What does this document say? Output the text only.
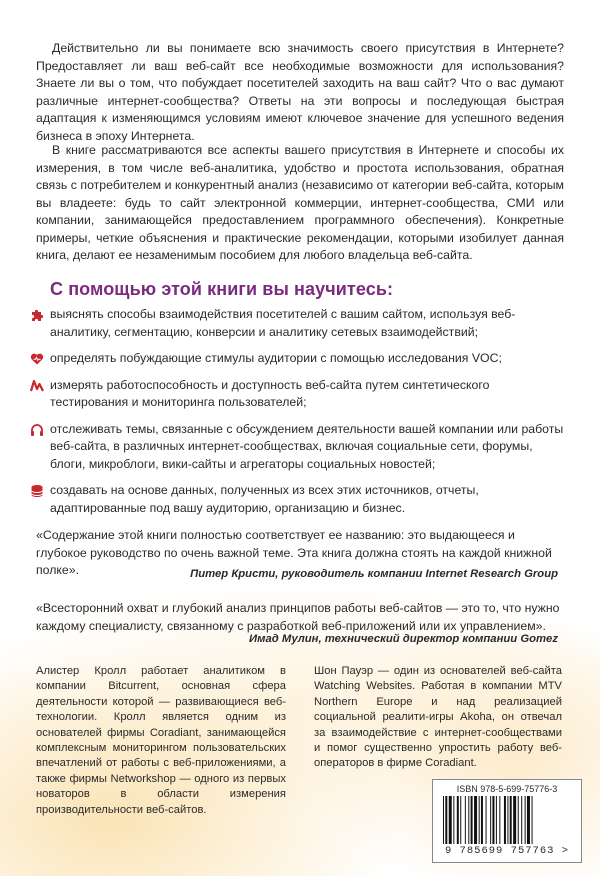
Действительно ли вы понимаете всю значимость своего присутствия в Интернете? Предоставляет ли ваш веб-сайт все необходимые возможности для использования? Знаете ли вы о том, что побуждает посетителей заходить на ваш сайт? Что о вас думают различные интернет-сообщества? Ответы на эти вопросы и последующая быстрая адаптация к изменяющимся условиям имеют ключевое значение для успешного ведения бизнеса в эпоху Интернета.

В книге рассматриваются все аспекты вашего присутствия в Интернете и способы их измерения, в том числе веб-аналитика, удобство и простота использования, обратная связь с потребителем и конкурентный анализ (независимо от категории веб-сайта, которым вы владеете: будь то сайт электронной коммерции, интернет-сообщества, СМИ или компании, занимающейся предоставлением программного обеспечения). Конкретные примеры, четкие объяснения и практические рекомендации, которыми изобилует данная книга, делают ее незаменимым пособием для любого владельца веб-сайта.

С помощью этой книги вы научитесь:
выяснять способы взаимодействия посетителей с вашим сайтом, используя веб-аналитику, сегментацию, конверсии и аналитику сетевых взаимодействий;
определять побуждающие стимулы аудитории с помощью исследования VOC;
измерять работоспособность и доступность веб-сайта путем синтетического тестирования и мониторинга пользователей;
отслеживать темы, связанные с обсуждением деятельности вашей компании или работы веб-сайта, в различных интернет-сообществах, включая социальные сети, форумы, блоги, микроблоги, вики-сайты и агрегаторы социальных новостей;
создавать на основе данных, полученных из всех этих источников, отчеты, адаптированные под вашу аудиторию, организацию и бизнес.

«Содержание этой книги полностью соответствует ее названию: это выдающееся и глубокое руководство по очень важной теме. Эта книга должна стоять на каждой книжной полке».	Питер Кристи, руководитель компании Internet Research Group

«Всесторонний охват и глубокий анализ принципов работы веб-сайтов — это то, что нужно каждому специалисту, связанному с разработкой веб-приложений или их управлением».

Имад Мулин, технический директор компании Gomez

Алистер Кролл работает аналитиком в компании Bitcurrent, основная сфера деятельности которой — развивающиеся веб-технологии. Кролл является одним из основателей фирмы Coradiant, занимающейся комплексным мониторингом пользовательских впечатлений от работы с веб-приложениями, а также фирмы Networkshop — одного из первых новаторов в области измерения производительности веб-сайтов.

Шон Пауэр — один из основателей веб-сайта Watching Websites. Работая в компании MTV Northern Europe и над реализацией социальной реалити-игры Akoha, он отвечал за взаимодействие с интернет-сообществами и помог существенно упростить работу веб-операторов в фирме Coradiant.

ISBN 978-5-699-75776-3
9 785699 757763 >
